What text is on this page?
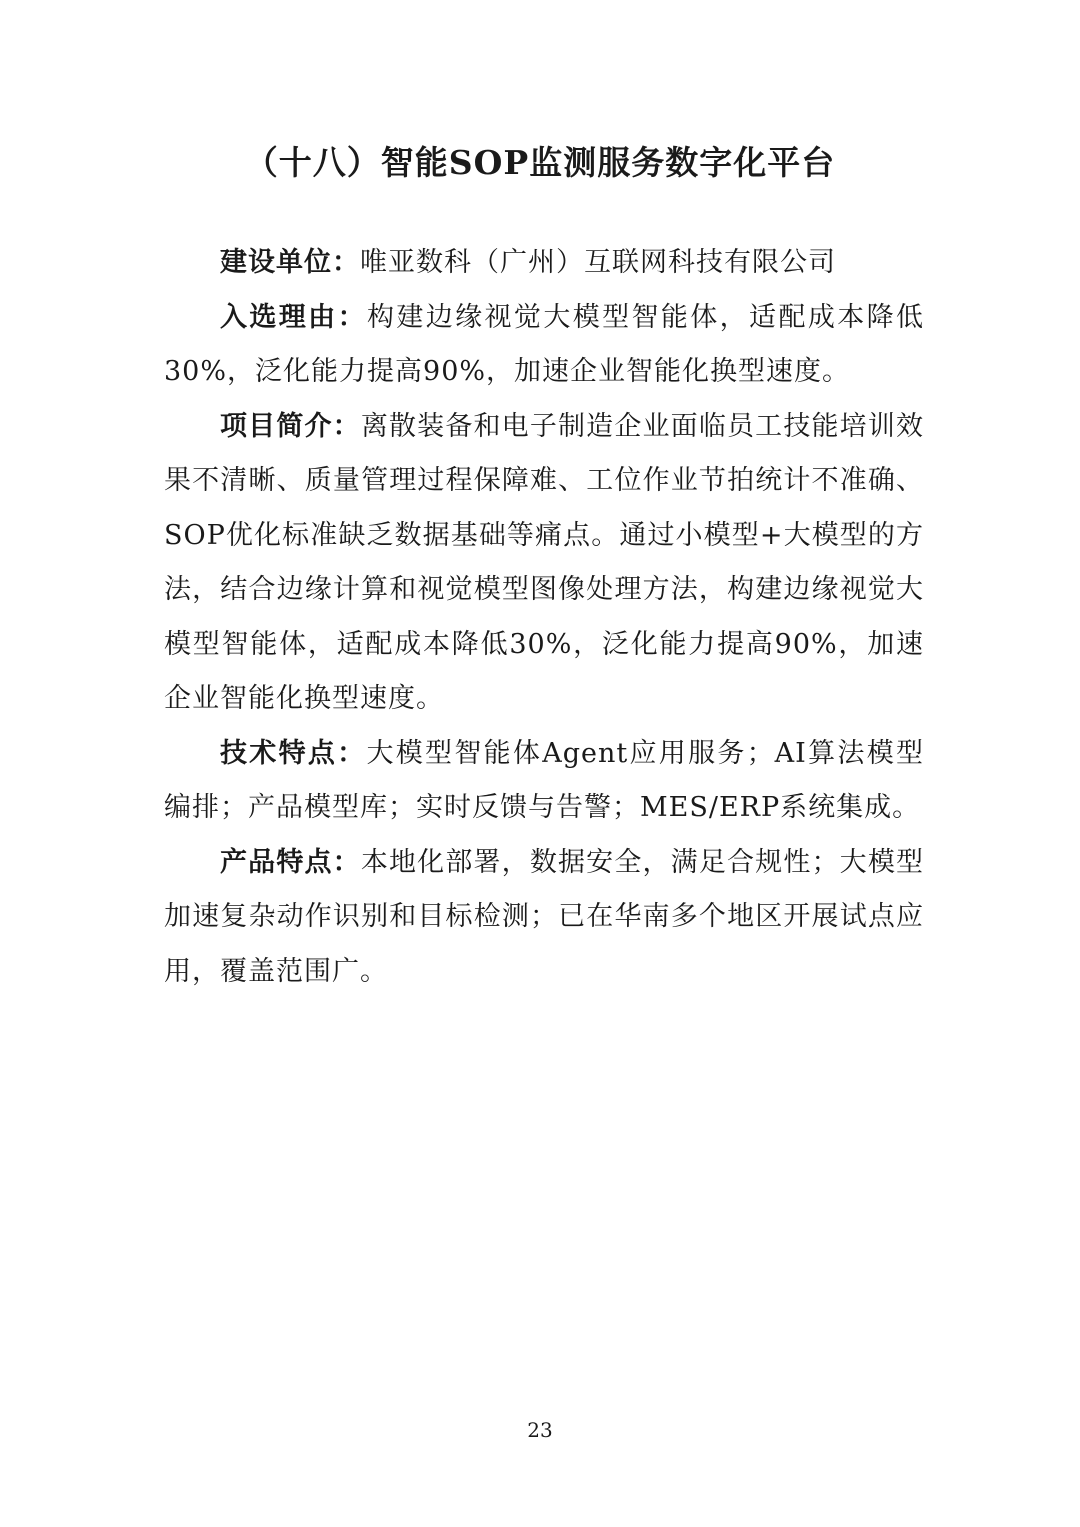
（十八）智能SOP监测服务数字化平台

建设单位：唯亚数科（广州）互联网科技有限公司

入选理由：构建边缘视觉大模型智能体，适配成本降低30%，泛化能力提高90%，加速企业智能化换型速度。

项目简介：离散装备和电子制造企业面临员工技能培训效果不清晰、质量管理过程保障难、工位作业节拍统计不准确、SOP优化标准缺乏数据基础等痛点。通过小模型+大模型的方法，结合边缘计算和视觉模型图像处理方法，构建边缘视觉大模型智能体，适配成本降低30%，泛化能力提高90%，加速企业智能化换型速度。

技术特点：大模型智能体Agent应用服务；AI算法模型编排；产品模型库；实时反馈与告警；MES/ERP系统集成。

产品特点：本地化部署，数据安全，满足合规性；大模型加速复杂动作识别和目标检测；已在华南多个地区开展试点应用，覆盖范围广。

23
